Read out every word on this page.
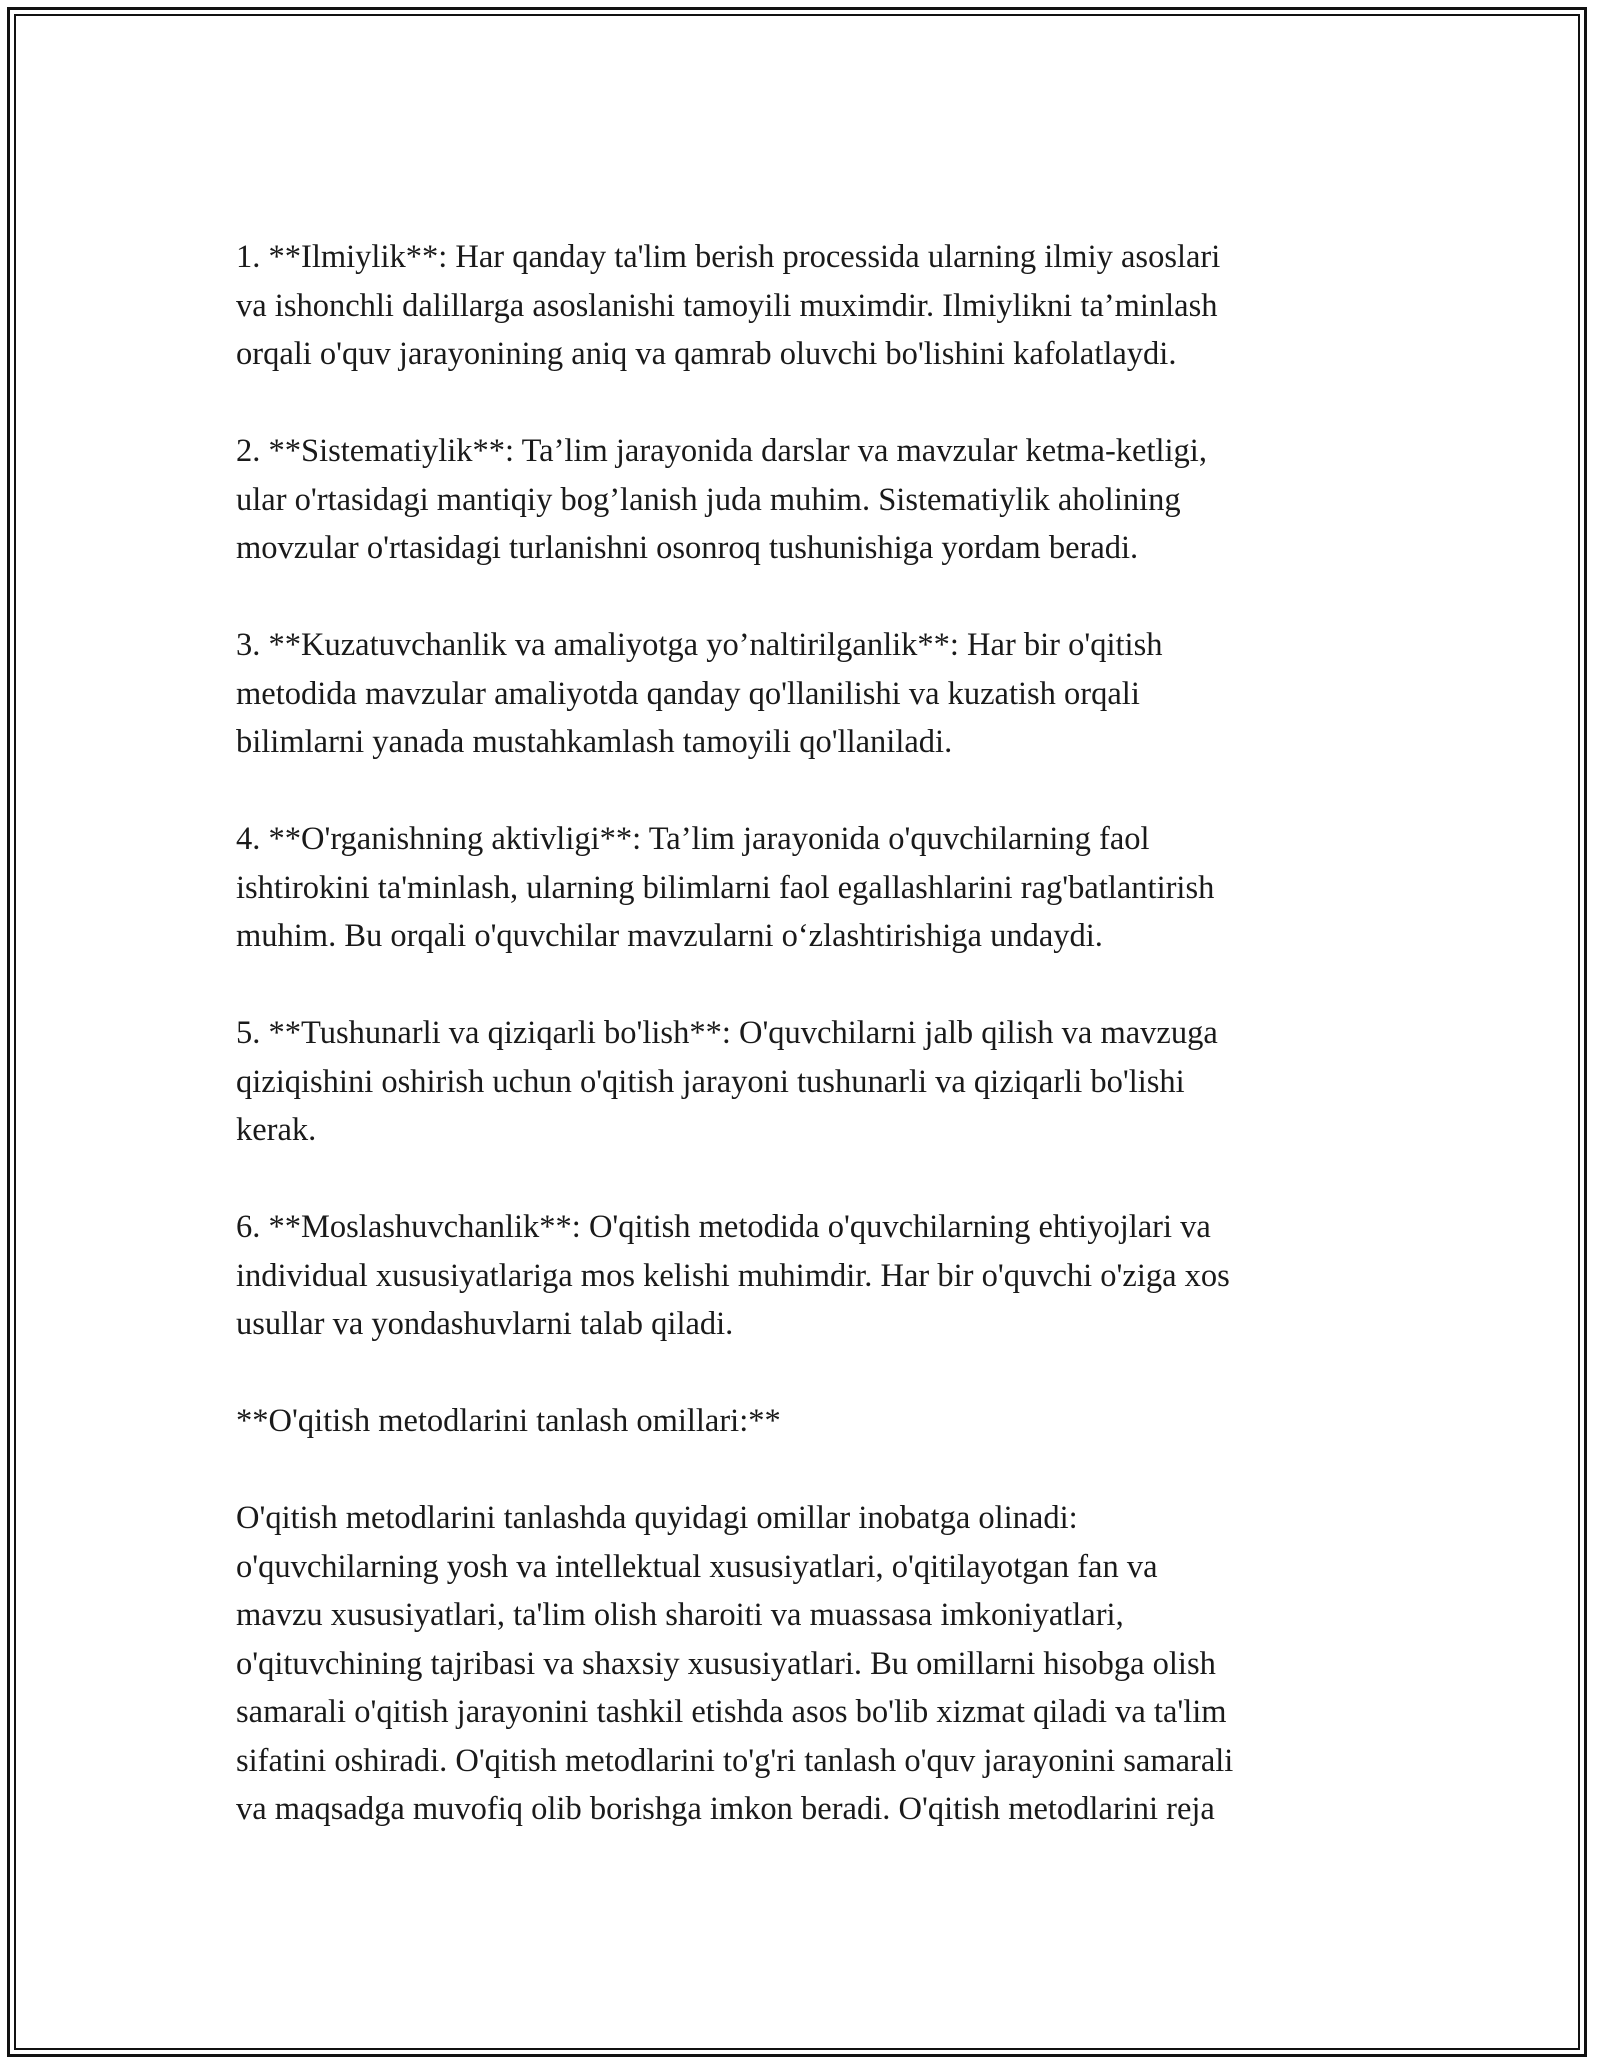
1. **Ilmiylik**: Har qanday ta'lim berish processida ularning ilmiy asoslari
va ishonchli dalillarga asoslanishi tamoyili muximdir. Ilmiylikni ta’minlash
orqali o'quv jarayonining aniq va qamrab oluvchi bo'lishini kafolatlaydi.

2. **Sistematiylik**: Ta’lim jarayonida darslar va mavzular ketma-ketligi,
ular o'rtasidagi mantiqiy bog’lanish juda muhim. Sistematiylik aholining
movzular o'rtasidagi turlanishni osonroq tushunishiga yordam beradi.

3. **Kuzatuvchanlik va amaliyotga yo’naltirilganlik**: Har bir o'qitish
metodida mavzular amaliyotda qanday qo'llanilishi va kuzatish orqali
bilimlarni yanada mustahkamlash tamoyili qo'llaniladi.

4. **O'rganishning aktivligi**: Ta’lim jarayonida o'quvchilarning faol
ishtirokini ta'minlash, ularning bilimlarni faol egallashlarini rag'batlantirish
muhim. Bu orqali o'quvchilar mavzularni o‘zlashtirishiga undaydi.

5. **Tushunarli va qiziqarli bo'lish**: O'quvchilarni jalb qilish va mavzuga
qiziqishini oshirish uchun o'qitish jarayoni tushunarli va qiziqarli bo'lishi
kerak.

6. **Moslashuvchanlik**: O'qitish metodida o'quvchilarning ehtiyojlari va
individual xususiyatlariga mos kelishi muhimdir. Har bir o'quvchi o'ziga xos
usullar va yondashuvlarni talab qiladi.

**O'qitish metodlarini tanlash omillari:**

O'qitish metodlarini tanlashda quyidagi omillar inobatga olinadi:
o'quvchilarning yosh va intellektual xususiyatlari, o'qitilayotgan fan va
mavzu xususiyatlari, ta'lim olish sharoiti va muassasa imkoniyatlari,
o'qituvchining tajribasi va shaxsiy xususiyatlari. Bu omillarni hisobga olish
samarali o'qitish jarayonini tashkil etishda asos bo'lib xizmat qiladi va ta'lim
sifatini oshiradi. O'qitish metodlarini to'g'ri tanlash o'quv jarayonini samarali
va maqsadga muvofiq olib borishga imkon beradi. O'qitish metodlarini reja
